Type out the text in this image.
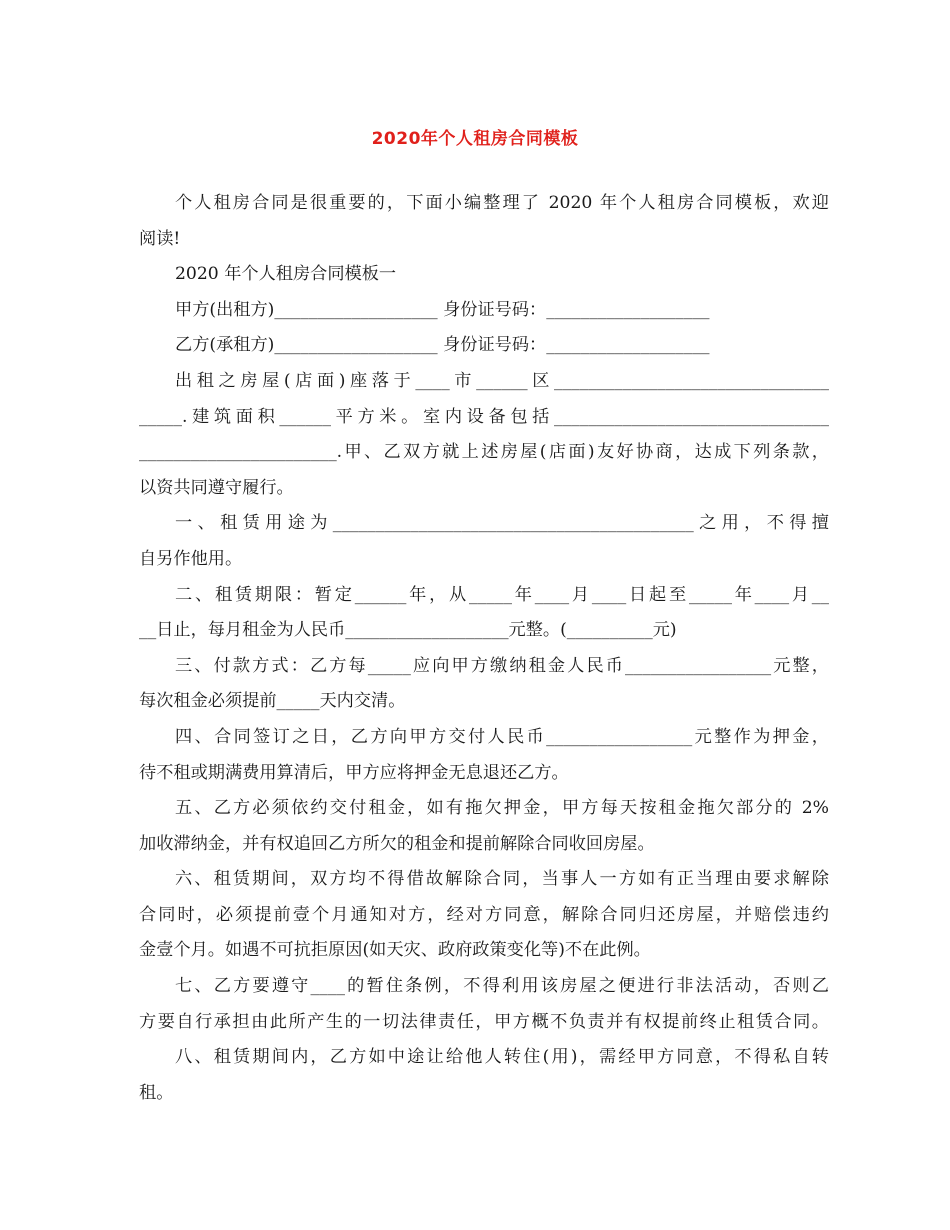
2020年个人租房合同模板
个人租房合同是很重要的，下面小编整理了 2020 年个人租房合同模板，欢迎
阅读!
2020 年个人租房合同模板一
甲方(出租方)___________________ 身份证号码：___________________
乙方(承租方)___________________ 身份证号码：___________________
出租之房屋(店面)座落于____市______区________________________________
_____.建筑面积______平方米。室内设备包括________________________________
_______________________.甲、乙双方就上述房屋(店面)友好协商，达成下列条款，
以资共同遵守履行。
一、租赁用途为__________________________________________之用，不得擅
自另作他用。
二、租赁期限：暂定______年，从_____年____月____日起至_____年____月__
__日止，每月租金为人民币___________________元整。(__________元)
三、付款方式：乙方每_____应向甲方缴纳租金人民币_________________元整，
每次租金必须提前_____天内交清。
四、合同签订之日，乙方向甲方交付人民币_________________元整作为押金，
待不租或期满费用算清后，甲方应将押金无息退还乙方。
五、乙方必须依约交付租金，如有拖欠押金，甲方每天按租金拖欠部分的 2%
加收滞纳金，并有权追回乙方所欠的租金和提前解除合同收回房屋。
六、租赁期间，双方均不得借故解除合同，当事人一方如有正当理由要求解除
合同时，必须提前壹个月通知对方，经对方同意，解除合同归还房屋，并赔偿违约
金壹个月。如遇不可抗拒原因(如天灾、政府政策变化等)不在此例。
七、乙方要遵守____的暂住条例，不得利用该房屋之便进行非法活动，否则乙
方要自行承担由此所产生的一切法律责任，甲方概不负责并有权提前终止租赁合同。
八、租赁期间内，乙方如中途让给他人转住(用)，需经甲方同意，不得私自转
租。
